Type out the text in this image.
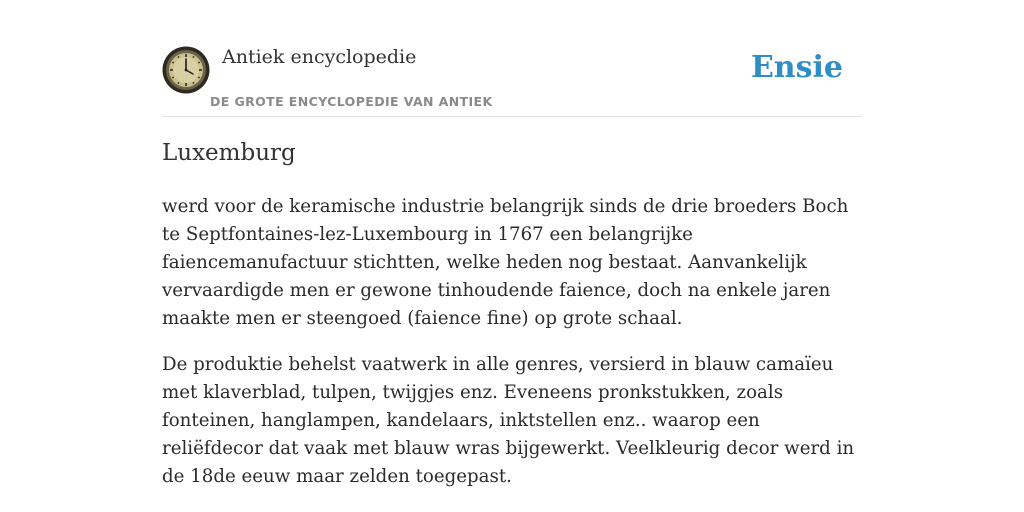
Antiek encyclopedie
DE GROTE ENCYCLOPEDIE VAN ANTIEK
Ensie
Luxemburg

werd voor de keramische industrie belangrijk sinds de drie broeders Boch te Septfontaines-lez-Luxembourg in 1767 een belangrijke faiencemanufactuur stichtten, welke heden nog bestaat. Aanvankelijk vervaardigde men er gewone tinhoudende faience, doch na enkele jaren maakte men er steengoed (faience fine) op grote schaal.

De produktie behelst vaatwerk in alle genres, versierd in blauw camaïeu met klaverblad, tulpen, twijgjes enz. Eveneens pronkstukken, zoals fonteinen, hanglampen, kandelaars, inktstellen enz.. waarop een reliëfdecor dat vaak met blauw wras bijgewerkt. Veelkleurig decor werd in de 18de eeuw maar zelden toegepast.
